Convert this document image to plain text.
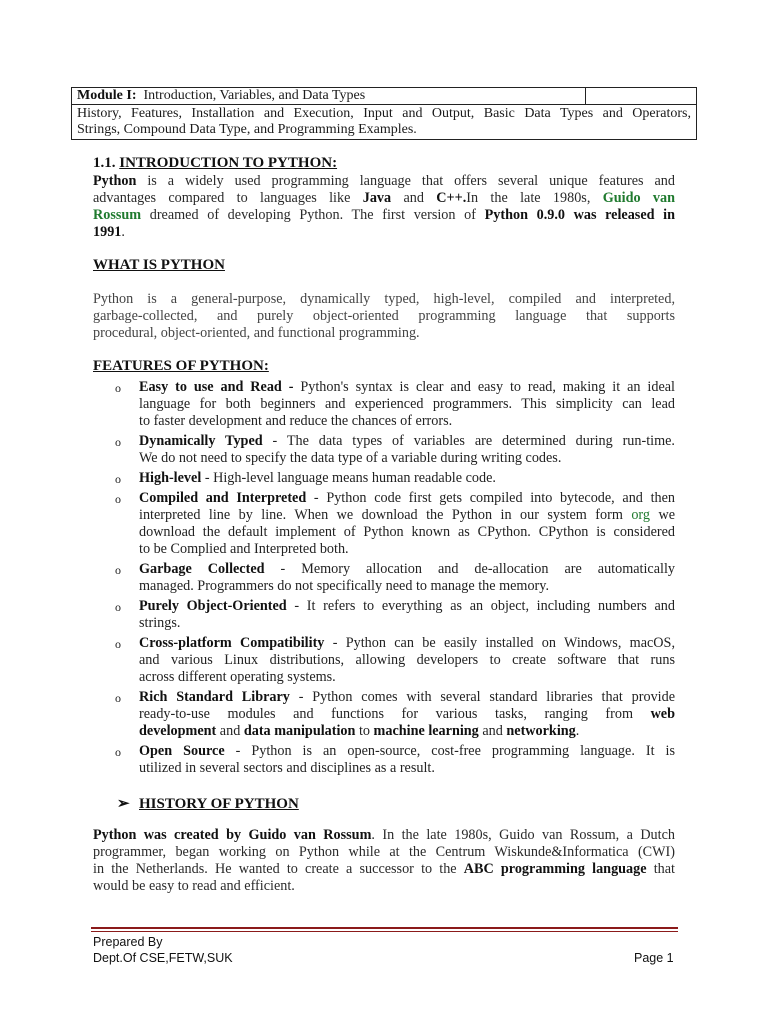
Module I: Introduction, Variables, and Data Types	

History, Features, Installation and Execution, Input and Output, Basic Data Types and Operators,
Strings, Compound Data Type, and Programming Examples.
1.1. INTRODUCTION TO PYTHON:
Python is a widely used programming language that offers several unique features and
advantages compared to languages like Java and C++.In the late 1980s, Guido van
Rossum dreamed of developing Python. The first version of Python 0.9.0 was released in
1991.
WHAT IS PYTHON
Python is a general-purpose, dynamically typed, high-level, compiled and interpreted,
garbage-collected, and purely object-oriented programming language that supports
procedural, object-oriented, and functional programming.
FEATURES OF PYTHON:
o Easy to use and Read - Python's syntax is clear and easy to read, making it an ideal
language for both beginners and experienced programmers. This simplicity can lead
to faster development and reduce the chances of errors.
o Dynamically Typed - The data types of variables are determined during run-time.
We do not need to specify the data type of a variable during writing codes.
o High-level - High-level language means human readable code.
o Compiled and Interpreted - Python code first gets compiled into bytecode, and then
interpreted line by line. When we download the Python in our system form org we
download the default implement of Python known as CPython. CPython is considered
to be Complied and Interpreted both.
o Garbage Collected - Memory allocation and de-allocation are automatically
managed. Programmers do not specifically need to manage the memory.
o Purely Object-Oriented - It refers to everything as an object, including numbers and
strings.
o Cross-platform Compatibility - Python can be easily installed on Windows, macOS,
and various Linux distributions, allowing developers to create software that runs
across different operating systems.
o Rich Standard Library - Python comes with several standard libraries that provide
ready-to-use modules and functions for various tasks, ranging from web
development and data manipulation to machine learning and networking.
o Open Source - Python is an open-source, cost-free programming language. It is
utilized in several sectors and disciplines as a result.
➢ HISTORY OF PYTHON
Python was created by Guido van Rossum. In the late 1980s, Guido van Rossum, a Dutch
programmer, began working on Python while at the Centrum Wiskunde&Informatica (CWI)
in the Netherlands. He wanted to create a successor to the ABC programming language that
would be easy to read and efficient.
Prepared By
Dept.Of CSE,FETW,SUK	Page 1
